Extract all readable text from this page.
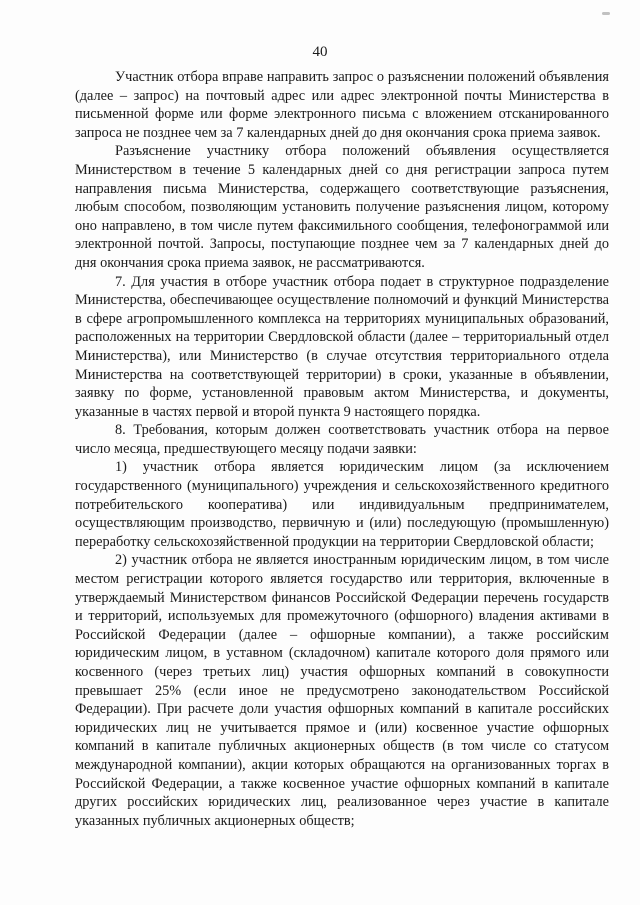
40

Участник отбора вправе направить запрос о разъяснении положений объявления (далее – запрос) на почтовый адрес или адрес электронной почты Министерства в письменной форме или форме электронного письма с вложением отсканированного запроса не позднее чем за 7 календарных дней до дня окончания срока приема заявок.

Разъяснение участнику отбора положений объявления осуществляется Министерством в течение 5 календарных дней со дня регистрации запроса путем направления письма Министерства, содержащего соответствующие разъяснения, любым способом, позволяющим установить получение разъяснения лицом, которому оно направлено, в том числе путем факсимильного сообщения, телефонограммой или электронной почтой. Запросы, поступающие позднее чем за 7 календарных дней до дня окончания срока приема заявок, не рассматриваются.

7. Для участия в отборе участник отбора подает в структурное подразделение Министерства, обеспечивающее осуществление полномочий и функций Министерства в сфере агропромышленного комплекса на территориях муниципальных образований, расположенных на территории Свердловской области (далее – территориальный отдел Министерства), или Министерство (в случае отсутствия территориального отдела Министерства на соответствующей территории) в сроки, указанные в объявлении, заявку по форме, установленной правовым актом Министерства, и документы, указанные в частях первой и второй пункта 9 настоящего порядка.

8. Требования, которым должен соответствовать участник отбора на первое число месяца, предшествующего месяцу подачи заявки:

1) участник отбора является юридическим лицом (за исключением государственного (муниципального) учреждения и сельскохозяйственного кредитного потребительского кооператива) или индивидуальным предпринимателем, осуществляющим производство, первичную и (или) последующую (промышленную) переработку сельскохозяйственной продукции на территории Свердловской области;

2) участник отбора не является иностранным юридическим лицом, в том числе местом регистрации которого является государство или территория, включенные в утверждаемый Министерством финансов Российской Федерации перечень государств и территорий, используемых для промежуточного (офшорного) владения активами в Российской Федерации (далее – офшорные компании), а также российским юридическим лицом, в уставном (складочном) капитале которого доля прямого или косвенного (через третьих лиц) участия офшорных компаний в совокупности превышает 25% (если иное не предусмотрено законодательством Российской Федерации). При расчете доли участия офшорных компаний в капитале российских юридических лиц не учитывается прямое и (или) косвенное участие офшорных компаний в капитале публичных акционерных обществ (в том числе со статусом международной компании), акции которых обращаются на организованных торгах в Российской Федерации, а также косвенное участие офшорных компаний в капитале других российских юридических лиц, реализованное через участие в капитале указанных публичных акционерных обществ;
